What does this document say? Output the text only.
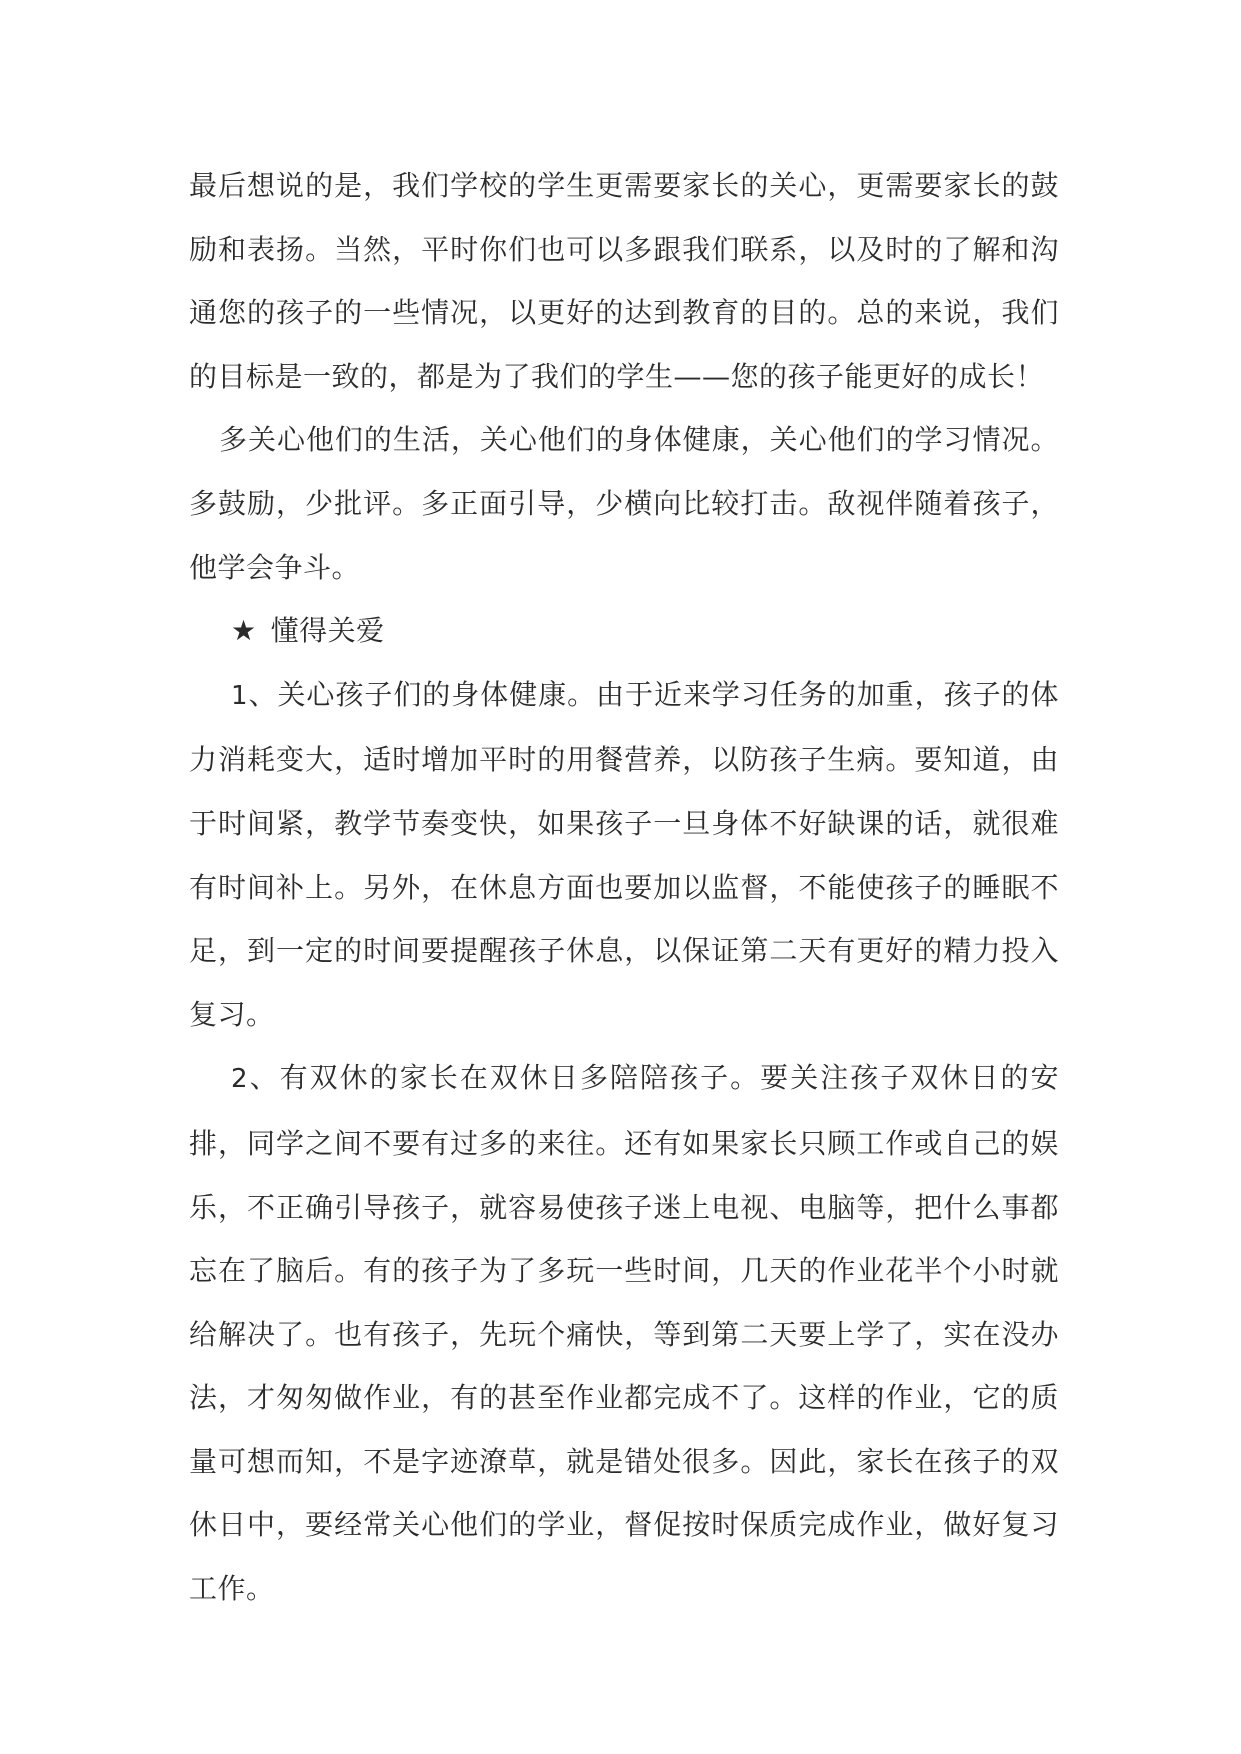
最后想说的是，我们学校的学生更需要家长的关心，更需要家长的鼓励和表扬。当然，平时你们也可以多跟我们联系，以及时的了解和沟通您的孩子的一些情况，以更好的达到教育的目的。总的来说，我们的目标是一致的，都是为了我们的学生——您的孩子能更好的成长！

多关心他们的生活，关心他们的身体健康，关心他们的学习情况。多鼓励，少批评。多正面引导，少横向比较打击。敌视伴随着孩子，他学会争斗。

★ 懂得关爱

1、关心孩子们的身体健康。由于近来学习任务的加重，孩子的体力消耗变大，适时增加平时的用餐营养，以防孩子生病。要知道，由于时间紧，教学节奏变快，如果孩子一旦身体不好缺课的话，就很难有时间补上。另外，在休息方面也要加以监督，不能使孩子的睡眠不足，到一定的时间要提醒孩子休息，以保证第二天有更好的精力投入复习。

2、有双休的家长在双休日多陪陪孩子。要关注孩子双休日的安排，同学之间不要有过多的来往。还有如果家长只顾工作或自己的娱乐，不正确引导孩子，就容易使孩子迷上电视、电脑等，把什么事都忘在了脑后。有的孩子为了多玩一些时间，几天的作业花半个小时就给解决了。也有孩子，先玩个痛快，等到第二天要上学了，实在没办法，才匆匆做作业，有的甚至作业都完成不了。这样的作业，它的质量可想而知，不是字迹潦草，就是错处很多。因此，家长在孩子的双休日中，要经常关心他们的学业，督促按时保质完成作业，做好复习工作。
